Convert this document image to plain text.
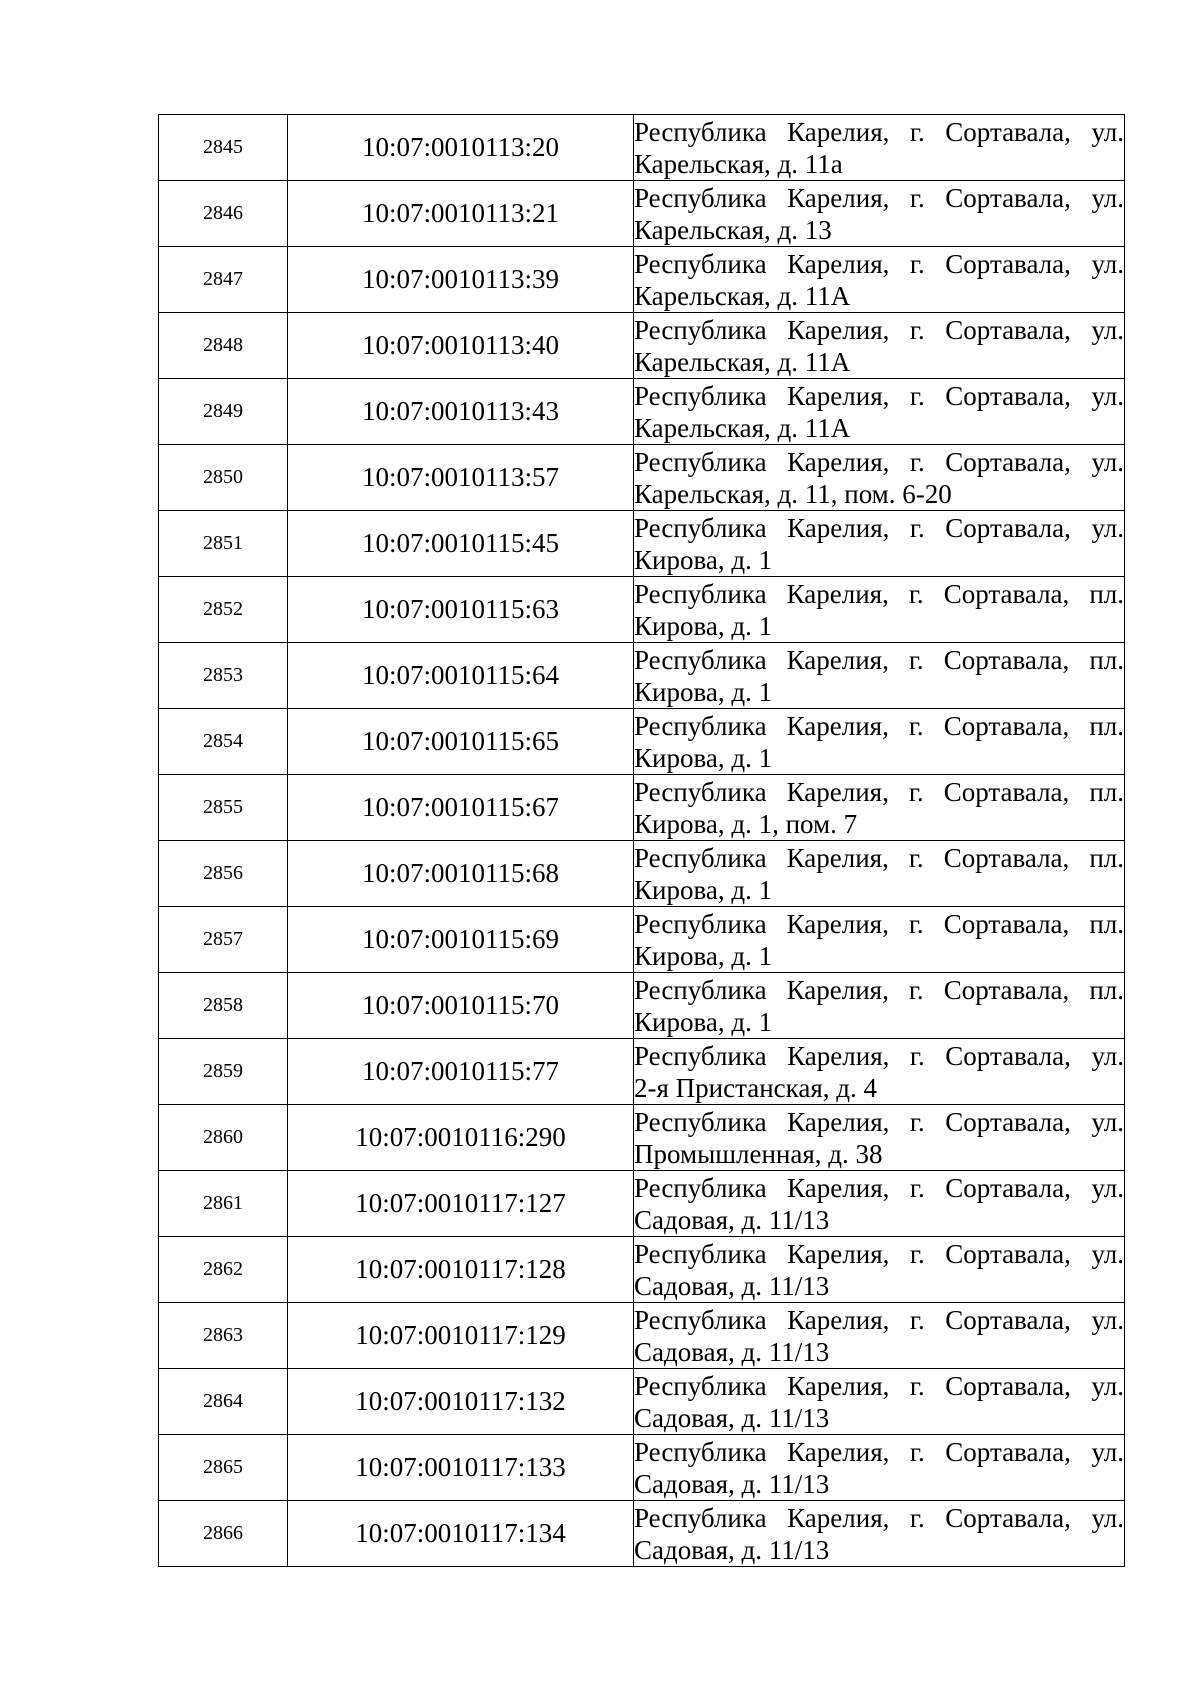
2845	10:07:0010113:20	Республика Карелия, г. Сортавала, ул.
Карельская, д. 11а

2846	10:07:0010113:21	Республика Карелия, г. Сортавала, ул.
Карельская, д. 13

2847	10:07:0010113:39	Республика Карелия, г. Сортавала, ул.
Карельская, д. 11А

2848	10:07:0010113:40	Республика Карелия, г. Сортавала, ул.
Карельская, д. 11А

2849	10:07:0010113:43	Республика Карелия, г. Сортавала, ул.
Карельская, д. 11А

2850	10:07:0010113:57	Республика Карелия, г. Сортавала, ул.
Карельская, д. 11, пом. 6-20

2851	10:07:0010115:45	Республика Карелия, г. Сортавала, ул.
Кирова, д. 1

2852	10:07:0010115:63	Республика Карелия, г. Сортавала, пл.
Кирова, д. 1

2853	10:07:0010115:64	Республика Карелия, г. Сортавала, пл.
Кирова, д. 1

2854	10:07:0010115:65	Республика Карелия, г. Сортавала, пл.
Кирова, д. 1

2855	10:07:0010115:67	Республика Карелия, г. Сортавала, пл.
Кирова, д. 1, пом. 7

2856	10:07:0010115:68	Республика Карелия, г. Сортавала, пл.
Кирова, д. 1

2857	10:07:0010115:69	Республика Карелия, г. Сортавала, пл.
Кирова, д. 1

2858	10:07:0010115:70	Республика Карелия, г. Сортавала, пл.
Кирова, д. 1

2859	10:07:0010115:77	Республика Карелия, г. Сортавала, ул.
2-я Пристанская, д. 4

2860	10:07:0010116:290	Республика Карелия, г. Сортавала, ул.
Промышленная, д. 38

2861	10:07:0010117:127	Республика Карелия, г. Сортавала, ул.
Садовая, д. 11/13

2862	10:07:0010117:128	Республика Карелия, г. Сортавала, ул.
Садовая, д. 11/13

2863	10:07:0010117:129	Республика Карелия, г. Сортавала, ул.
Садовая, д. 11/13

2864	10:07:0010117:132	Республика Карелия, г. Сортавала, ул.
Садовая, д. 11/13

2865	10:07:0010117:133	Республика Карелия, г. Сортавала, ул.
Садовая, д. 11/13

2866	10:07:0010117:134	Республика Карелия, г. Сортавала, ул.
Садовая, д. 11/13
